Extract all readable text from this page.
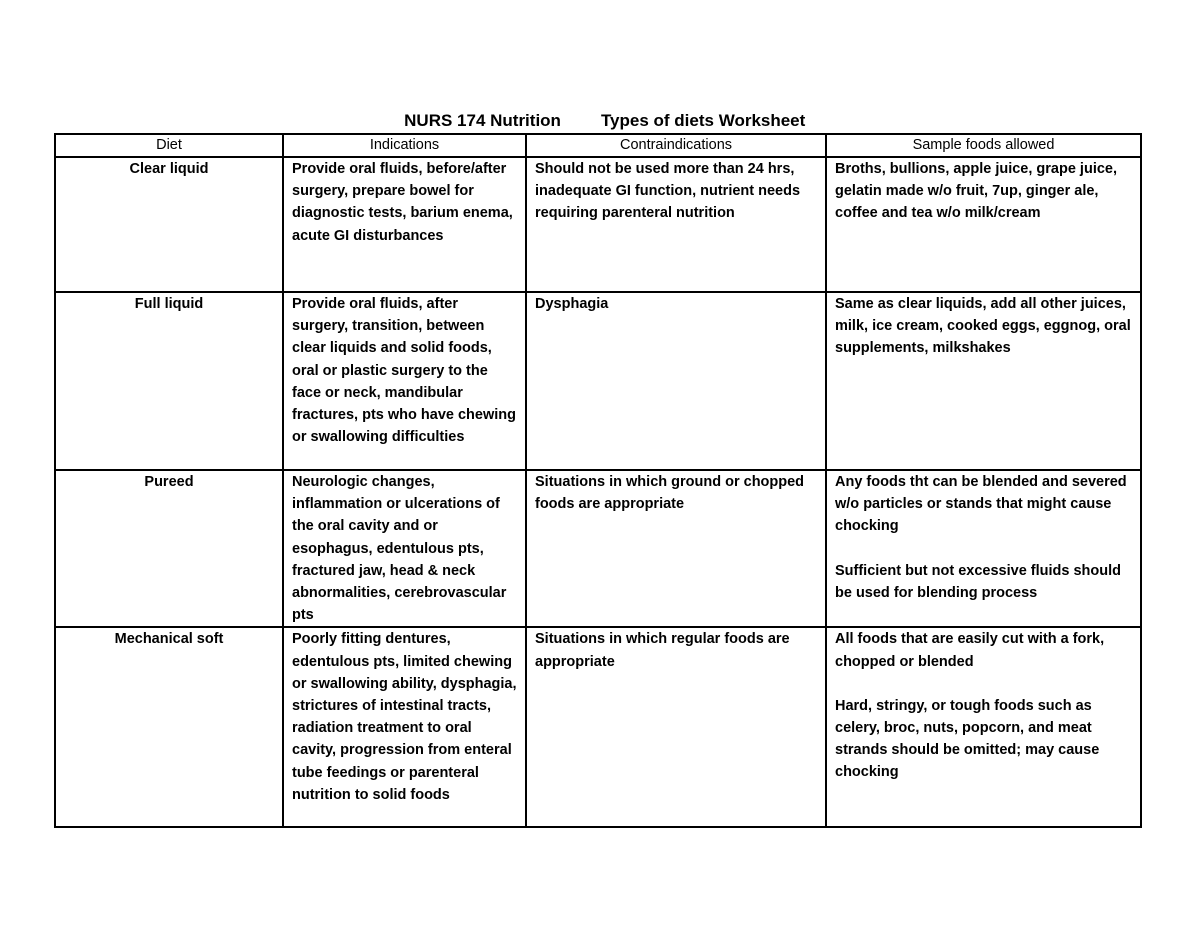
NURS 174 Nutrition Types of diets Worksheet

Diet	Indications	Contraindications	Sample foods allowed

Clear liquid	Provide oral fluids, before/after surgery, prepare bowel for diagnostic tests, barium enema, acute GI disturbances	Should not be used more than 24 hrs, inadequate GI function, nutrient needs requiring parenteral nutrition	Broths, bullions, apple juice, grape juice, gelatin made w/o fruit, 7up, ginger ale, coffee and tea w/o milk/cream

Full liquid	Provide oral fluids, after surgery, transition, between clear liquids and solid foods, oral or plastic surgery to the face or neck, mandibular fractures, pts who have chewing or swallowing difficulties	Dysphagia	Same as clear liquids, add all other juices, milk, ice cream, cooked eggs, eggnog, oral supplements, milkshakes

Pureed	Neurologic changes, inflammation or ulcerations of the oral cavity and or esophagus, edentulous pts, fractured jaw, head & neck abnormalities, cerebrovascular pts	Situations in which ground or chopped foods are appropriate	Any foods tht can be blended and severed w/o particles or stands that might cause chocking
Sufficient but not excessive fluids should be used for blending process

Mechanical soft	Poorly fitting dentures, edentulous pts, limited chewing or swallowing ability, dysphagia, strictures of intestinal tracts, radiation treatment to oral cavity, progression from enteral tube feedings or parenteral nutrition to solid foods	Situations in which regular foods are appropriate	All foods that are easily cut with a fork, chopped or blended
Hard, stringy, or tough foods such as celery, broc, nuts, popcorn, and meat strands should be omitted; may cause chocking
